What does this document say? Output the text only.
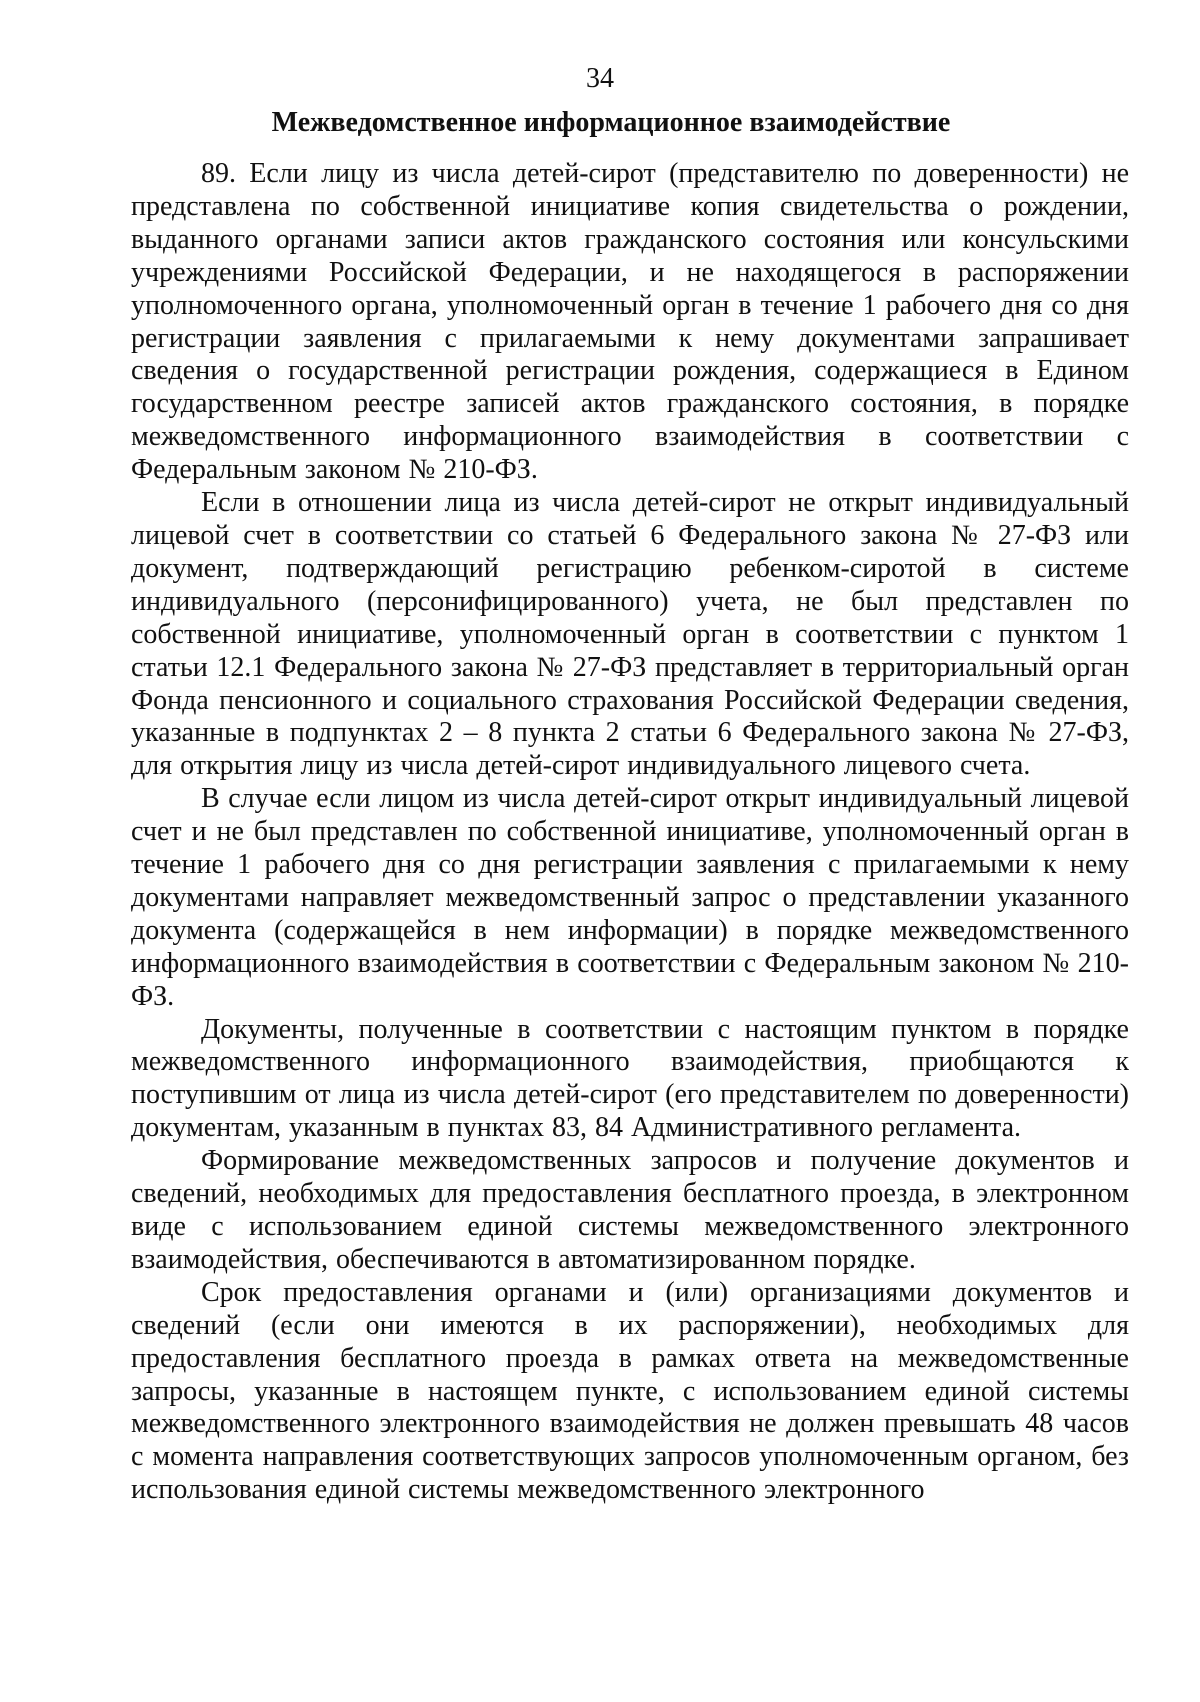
34

Межведомственное информационное взаимодействие

89. Если лицу из числа детей-сирот (представителю по доверенности) не представлена по собственной инициативе копия свидетельства о рождении, выданного органами записи актов гражданского состояния или консульскими учреждениями Российской Федерации, и не находящегося в распоряжении уполномоченного органа, уполномоченный орган в течение 1 рабочего дня со дня регистрации заявления с прилагаемыми к нему документами запрашивает сведения о государственной регистрации рождения, содержащиеся в Едином государственном реестре записей актов гражданского состояния, в порядке межведомственного информационного взаимодействия в соответствии с Федеральным законом № 210-ФЗ.

Если в отношении лица из числа детей-сирот не открыт индивидуальный лицевой счет в соответствии со статьей 6 Федерального закона № 27-ФЗ или документ, подтверждающий регистрацию ребенком-сиротой в системе индивидуального (персонифицированного) учета, не был представлен по собственной инициативе, уполномоченный орган в соответствии с пунктом 1 статьи 12.1 Федерального закона № 27-ФЗ представляет в территориальный орган Фонда пенсионного и социального страхования Российской Федерации сведения, указанные в подпунктах 2 – 8 пункта 2 статьи 6 Федерального закона № 27-ФЗ, для открытия лицу из числа детей-сирот индивидуального лицевого счета.

В случае если лицом из числа детей-сирот открыт индивидуальный лицевой счет и не был представлен по собственной инициативе, уполномоченный орган в течение 1 рабочего дня со дня регистрации заявления с прилагаемыми к нему документами направляет межведомственный запрос о представлении указанного документа (содержащейся в нем информации) в порядке межведомственного информационного взаимодействия в соответствии с Федеральным законом № 210-ФЗ.

Документы, полученные в соответствии с настоящим пунктом в порядке межведомственного информационного взаимодействия, приобщаются к поступившим от лица из числа детей-сирот (его представителем по доверенности) документам, указанным в пунктах 83, 84 Административного регламента.

Формирование межведомственных запросов и получение документов и сведений, необходимых для предоставления бесплатного проезда, в электронном виде с использованием единой системы межведомственного электронного взаимодействия, обеспечиваются в автоматизированном порядке.

Срок предоставления органами и (или) организациями документов и сведений (если они имеются в их распоряжении), необходимых для предоставления бесплатного проезда в рамках ответа на межведомственные запросы, указанные в настоящем пункте, с использованием единой системы межведомственного электронного взаимодействия не должен превышать 48 часов с момента направления соответствующих запросов уполномоченным органом, без использования единой системы межведомственного электронного
